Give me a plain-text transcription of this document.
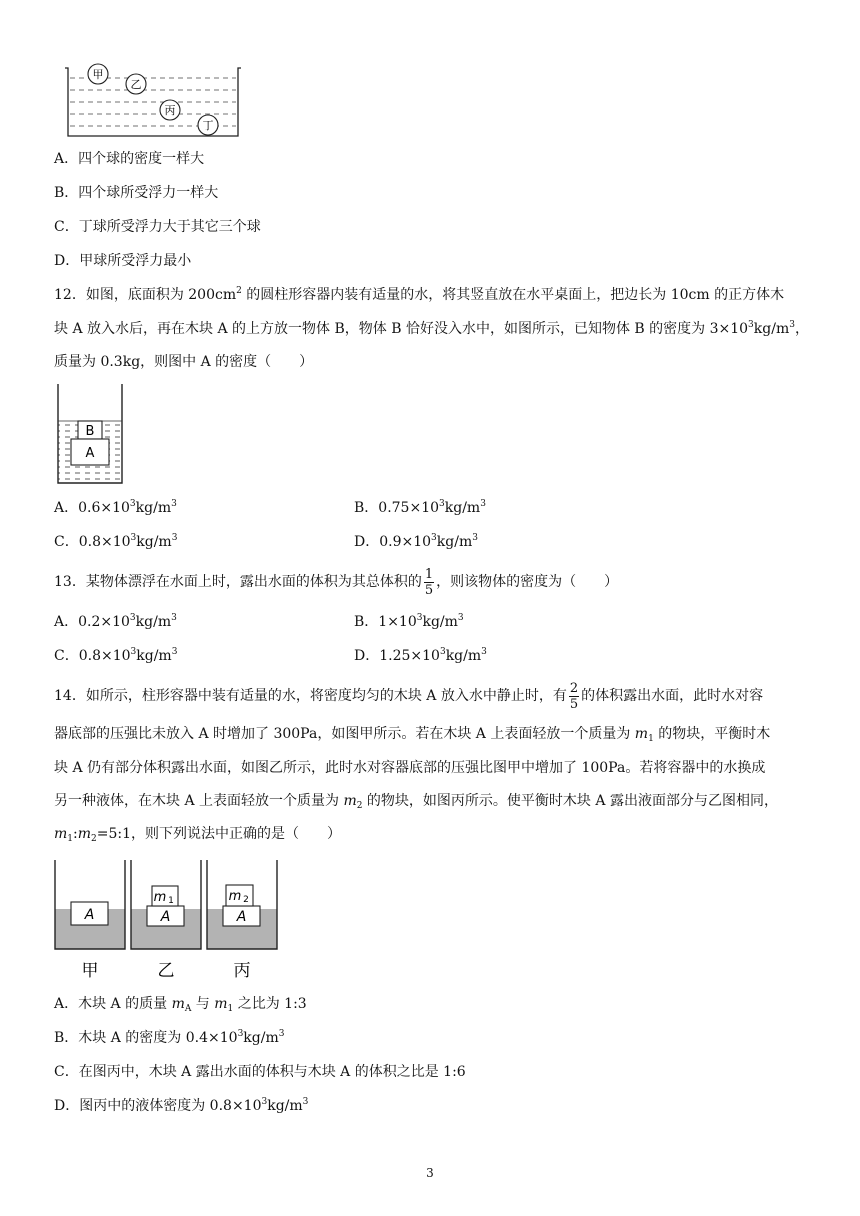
甲
乙
丙
丁
A．四个球的密度一样大
B．四个球所受浮力一样大
C．丁球所受浮力大于其它三个球
D．甲球所受浮力最小
12．如图，底面积为 $200cm^2$ 的圆柱形容器内装有适量的水，将其竖直放在水平桌面上，把边长为 10cm 的正方体木
块 A 放入水后，再在木块 A 的上方放一物体 B，物体 B 恰好没入水中，如图所示，已知物体 B 的密度为 $3\times 10^3kg/m^3$，
质量为 0.3kg，则图中 A 的密度（　　）
B
A
A．$0.6\times 10^3kg/m^3$	B．$0.75\times 10^3kg/m^3$
C．$0.8\times 10^3kg/m^3$	D．$0.9\times 10^3kg/m^3$
13．某物体漂浮在水面上时，露出水面的体积为其总体积的 $\frac{1}{5}$ ，则该物体的密度为（　　）
A．$0.2\times 10^3kg/m^3$	B．$1\times 10^3kg/m^3$
C．$0.8\times 10^3kg/m^3$	D．$1.25\times 10^3kg/m^3$
14．如所示，柱形容器中装有适量的水，将密度均匀的木块 A 放入水中静止时，有 $\frac{2}{5}$ 的体积露出水面，此时水对容
器底部的压强比未放入 A 时增加了 300Pa，如图甲所示。若在木块 A 上表面轻放一个质量为 $m_1$ 的物块，平衡时木
块 A 仍有部分体积露出水面，如图乙所示，此时水对容器底部的压强比图甲中增加了 100Pa。若将容器中的水换成
另一种液体，在木块 A 上表面轻放一个质量为 $m_2$ 的物块，如图丙所示。使平衡时木块 A 露出液面部分与乙图相同，
$m_1:m_2=5:1$，则下列说法中正确的是（　　）
A
甲
A
m 1
乙
A
m 2
丙
A．木块 A 的质量 $m_A$ 与 $m_1$ 之比为 1:3
B．木块 A 的密度为 $0.4\times 10^3kg/m^3$
C．在图丙中，木块 A 露出水面的体积与木块 A 的体积之比是 1:6
D．图丙中的液体密度为 $0.8\times 10^3kg/m^3$
3
